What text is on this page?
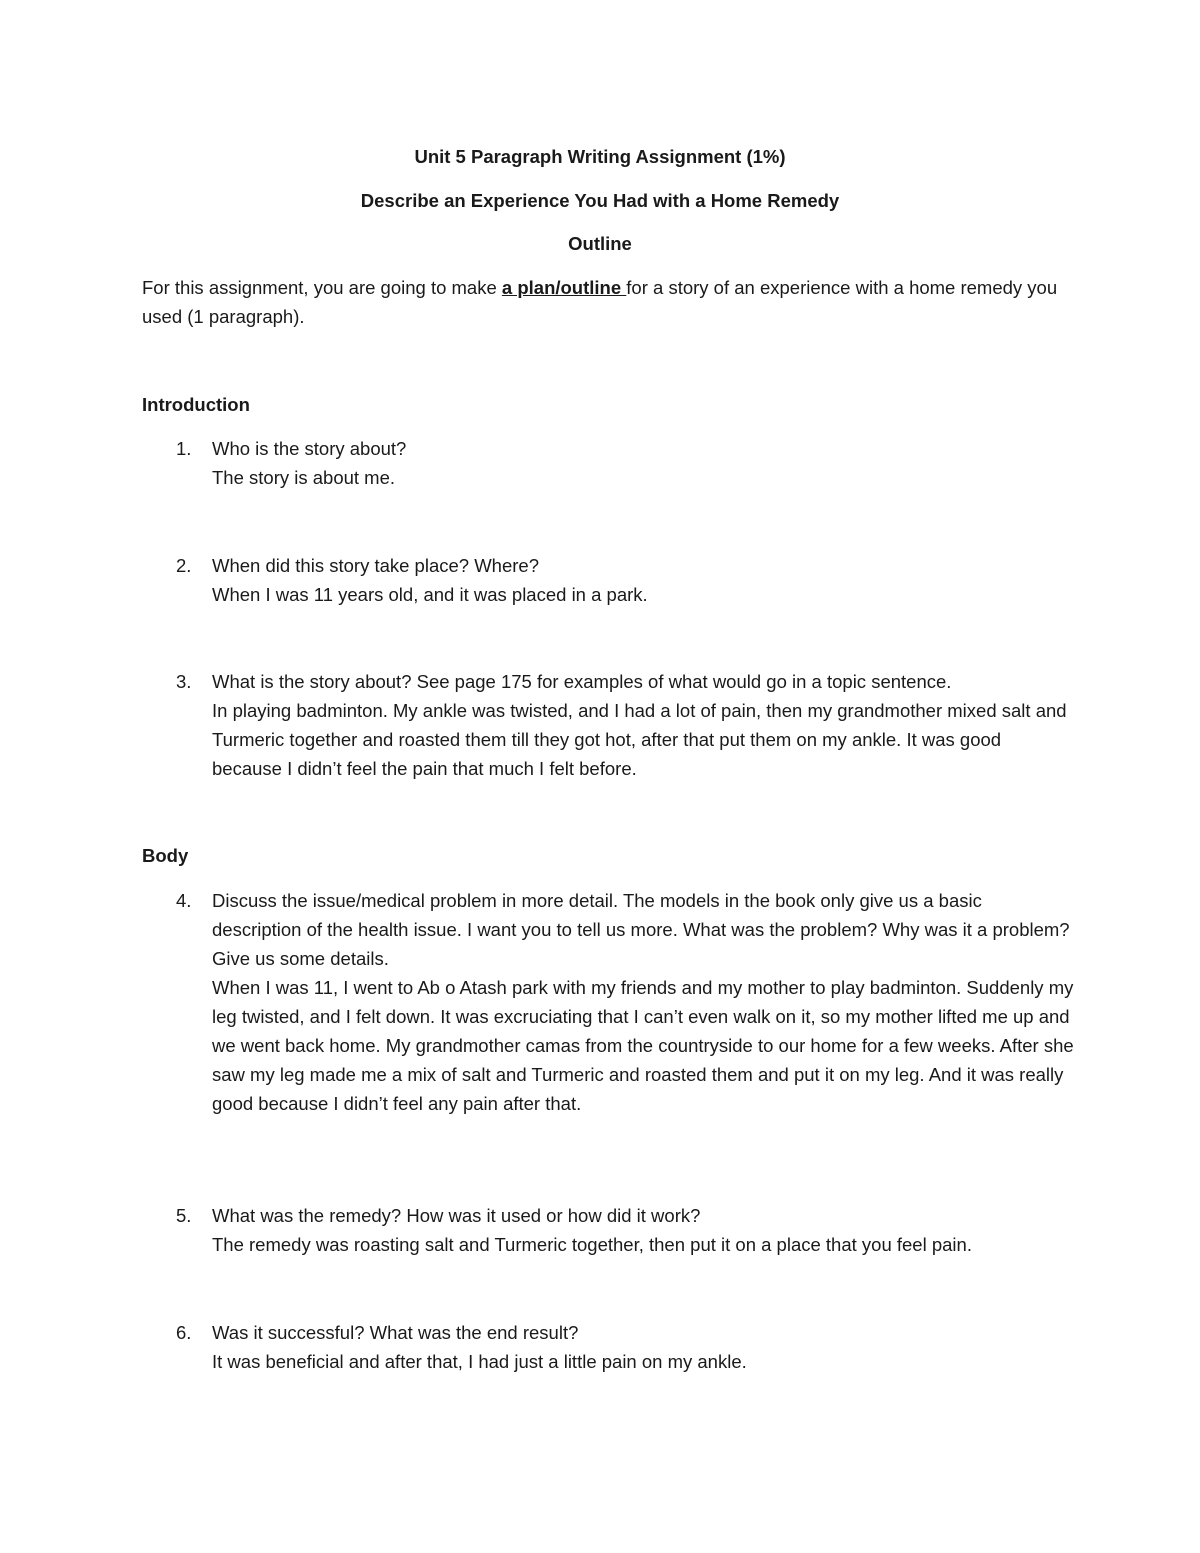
Unit 5 Paragraph Writing Assignment (1%)
Describe an Experience You Had with a Home Remedy
Outline
For this assignment, you are going to make a plan/outline for a story of an experience with a home remedy you used (1 paragraph).
Introduction
1.	Who is the story about?
The story is about me.
2.	When did this story take place? Where?
When I was 11 years old, and it was placed in a park.
3.	What is the story about? See page 175 for examples of what would go in a topic sentence.
In playing badminton. My ankle was twisted, and I had a lot of pain, then my grandmother mixed salt and Turmeric together and roasted them till they got hot, after that put them on my ankle. It was good because I didn’t feel the pain that much I felt before.
Body
4.	Discuss the issue/medical problem in more detail. The models in the book only give us a basic description of the health issue. I want you to tell us more. What was the problem? Why was it a problem? Give us some details.
When I was 11, I went to Ab o Atash park with my friends and my mother to play badminton. Suddenly my leg twisted, and I felt down. It was excruciating that I can’t even walk on it, so my mother lifted me up and we went back home. My grandmother camas from the countryside to our home for a few weeks. After she saw my leg made me a mix of salt and Turmeric and roasted them and put it on my leg. And it was really good because I didn’t feel any pain after that.
5.	What was the remedy? How was it used or how did it work?
The remedy was roasting salt and Turmeric together, then put it on a place that you feel pain.
6.	Was it successful? What was the end result?
It was beneficial and after that, I had just a little pain on my ankle.
